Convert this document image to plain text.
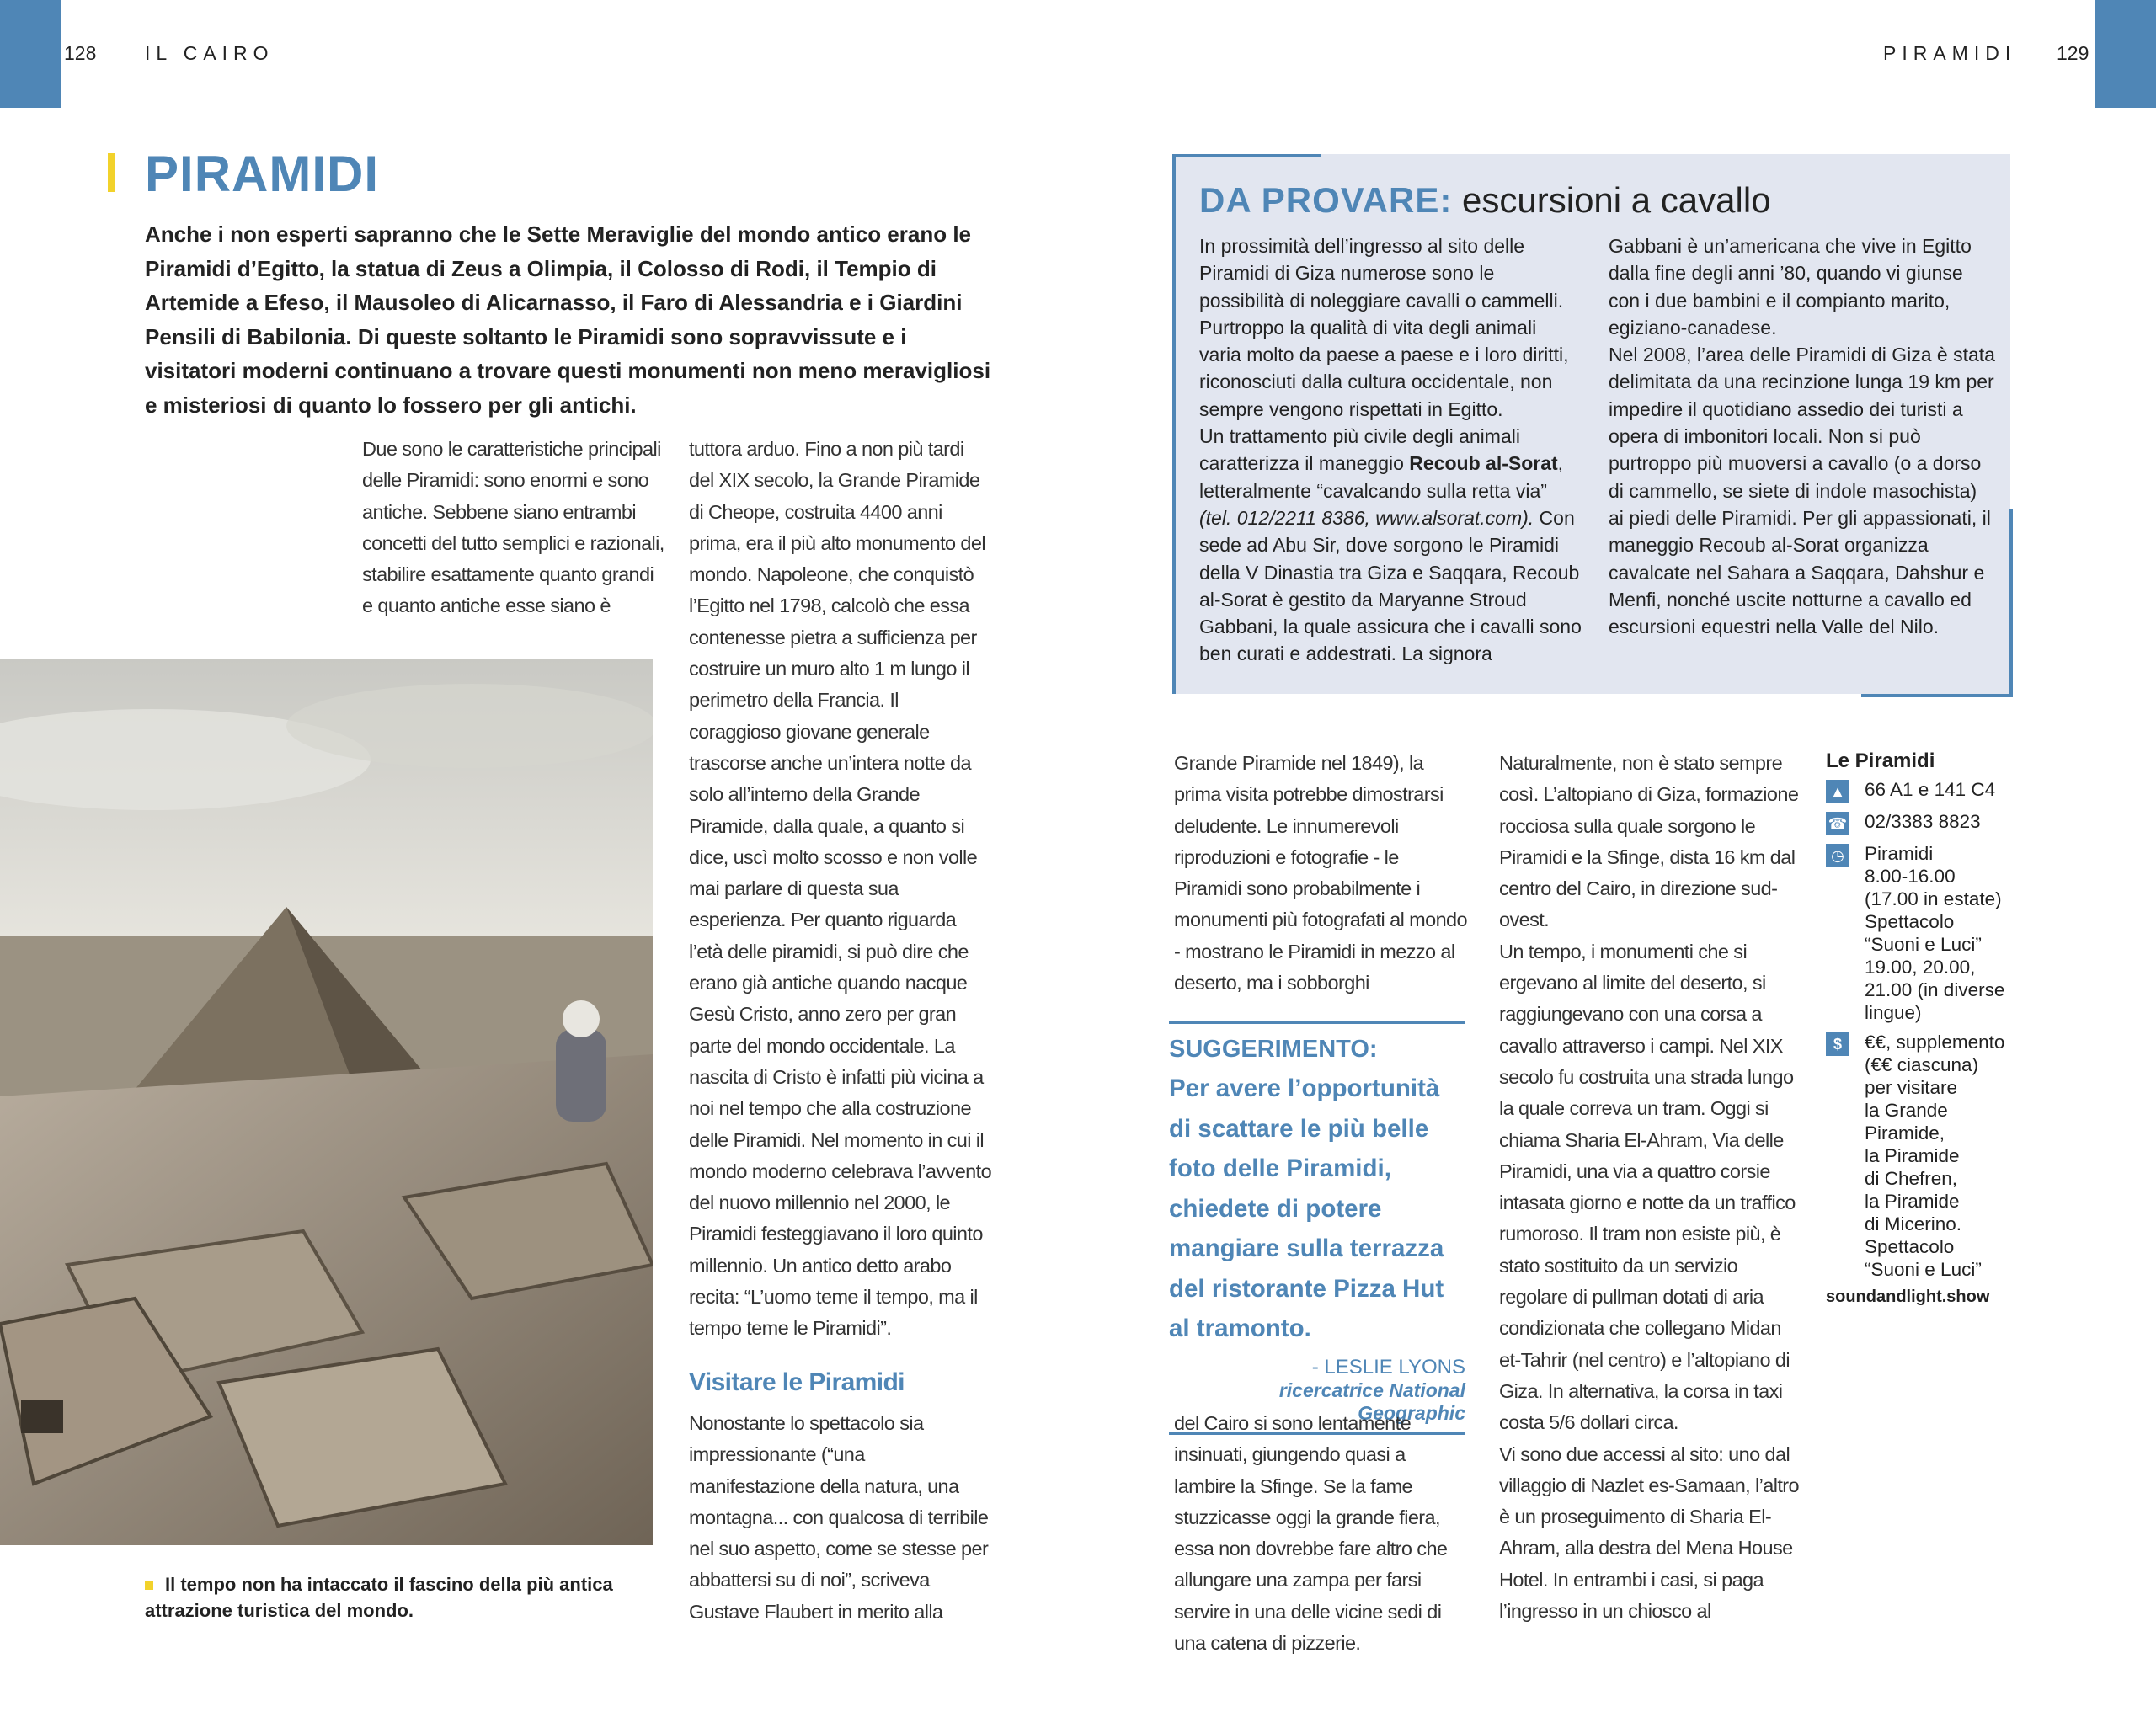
128	IL CAIRO	PIRAMIDI 129
PIRAMIDI
Anche i non esperti sapranno che le Sette Meraviglie del mondo antico erano le Piramidi d’Egitto, la statua di Zeus a Olimpia, il Colosso di Rodi, il Tempio di Artemide a Efeso, il Mausoleo di Alicarnasso, il Faro di Alessandria e i Giardini Pensili di Babilonia. Di queste soltanto le Piramidi sono sopravvissute e i visitatori moderni continuano a trovare questi monumenti non meno meravigliosi e misteriosi di quanto lo fossero per gli antichi.

Due sono le caratteristiche principali delle Piramidi: sono enormi e sono antiche. Sebbene siano entrambi concetti del tutto semplici e razionali, stabilire esattamente quanto grandi e quanto antiche esse siano è

tuttora arduo. Fino a non più tardi del XIX secolo, la Grande Piramide di Cheope, costruita 4400 anni prima, era il più alto monumento del mondo. Napoleone, che conquistò l’Egitto nel 1798, calcolò che essa contenesse pietra a sufficienza per costruire un muro alto 1 m lungo il perimetro della Francia. Il coraggioso giovane generale trascorse anche un’intera notte da solo all’interno della Grande Piramide, dalla quale, a quanto si dice, uscì molto scosso e non volle mai parlare di questa sua esperienza. Per quanto riguarda l’età delle piramidi, si può dire che erano già antiche quando nacque Gesù Cristo, anno zero per gran parte del mondo occidentale. La nascita di Cristo è infatti più vicina a noi nel tempo che alla costruzione delle Piramidi. Nel momento in cui il mondo moderno celebrava l’avvento del nuovo millennio nel 2000, le Piramidi festeggiavano il loro quinto millennio. Un antico detto arabo recita: “L’uomo teme il tempo, ma il tempo teme le Piramidi”.

Visitare le Piramidi

Nonostante lo spettacolo sia impressionante (“una manifestazione della natura, una montagna... con qualcosa di terribile nel suo aspetto, come se stesse per abbattersi su di noi”, scriveva Gustave Flaubert in merito alla

Il tempo non ha intaccato il fascino della più antica attrazione turistica del mondo.
DA PROVARE: escursioni a cavallo

In prossimità dell’ingresso al sito delle Piramidi di Giza numerose sono le possibilità di noleggiare cavalli o cammelli. Purtroppo la qualità di vita degli animali varia molto da paese a paese e i loro diritti, riconosciuti dalla cultura occidentale, non sempre vengono rispettati in Egitto.

Un trattamento più civile degli animali caratterizza il maneggio Recoub al-Sorat, letteralmente “cavalcando sulla retta via” (tel. 012/2211 8386, www.alsorat.com). Con sede ad Abu Sir, dove sorgono le Piramidi della V Dinastia tra Giza e Saqqara, Recoub al-Sorat è gestito da Maryanne Stroud Gabbani, la quale assicura che i cavalli sono ben curati e addestrati. La signora

Gabbani è un’americana che vive in Egitto dalla fine degli anni ’80, quando vi giunse con i due bambini e il compianto marito, egiziano-canadese.

Nel 2008, l’area delle Piramidi di Giza è stata delimitata da una recinzione lunga 19 km per impedire il quotidiano assedio dei turisti a opera di imbonitori locali. Non si può purtroppo più muoversi a cavallo (o a dorso di cammello, se siete di indole masochista) ai piedi delle Piramidi. Per gli appassionati, il maneggio Recoub al-Sorat organizza cavalcate nel Sahara a Saqqara, Dahshur e Menfi, nonché uscite notturne a cavallo ed escursioni equestri nella Valle del Nilo.

Grande Piramide nel 1849), la prima visita potrebbe dimostrarsi deludente. Le innumerevoli riproduzioni e fotografie - le Piramidi sono probabilmente i monumenti più fotografati al mondo - mostrano le Piramidi in mezzo al deserto, ma i sobborghi

SUGGERIMENTO:
Per avere l’opportunità di scattare le più belle foto delle Piramidi, chiedete di potere mangiare sulla terrazza del ristorante Pizza Hut al tramonto.
- LESLIE LYONS
ricercatrice National Geographic

del Cairo si sono lentamente insinuati, giungendo quasi a lambire la Sfinge. Se la fame stuzzicasse oggi la grande fiera, essa non dovrebbe fare altro che allungare una zampa per farsi servire in una delle vicine sedi di una catena di pizzerie.

Naturalmente, non è stato sempre così. L’altopiano di Giza, formazione rocciosa sulla quale sorgono le Piramidi e la Sfinge, dista 16 km dal centro del Cairo, in direzione sud-ovest.

Un tempo, i monumenti che si ergevano al limite del deserto, si raggiungevano con una corsa a cavallo attraverso i campi. Nel XIX secolo fu costruita una strada lungo la quale correva un tram. Oggi si chiama Sharia El-Ahram, Via delle Piramidi, una via a quattro corsie intasata giorno e notte da un traffico rumoroso. Il tram non esiste più, è stato sostituito da un servizio regolare di pullman dotati di aria condizionata che collegano Midan et-Tahrir (nel centro) e l’altopiano di Giza. In alternativa, la corsa in taxi costa 5/6 dollari circa.

Vi sono due accessi al sito: uno dal villaggio di Nazlet es-Samaan, l’altro è un proseguimento di Sharia El-Ahram, alla destra del Mena House Hotel. In entrambi i casi, si paga l’ingresso in un chiosco al

Le Piramidi
▲ 66 A1 e 141 C4
☎ 02/3383 8823
◷ Piramidi
8.00-16.00
(17.00 in estate)
Spettacolo
“Suoni e Luci”
19.00, 20.00,
21.00 (in diverse
lingue)
$	€€, supplemento
(€€ ciascuna)
per visitare
la Grande
Piramide,
la Piramide
di Chefren,
la Piramide
di Micerino.
Spettacolo
“Suoni e Luci”
soundandlight.show
